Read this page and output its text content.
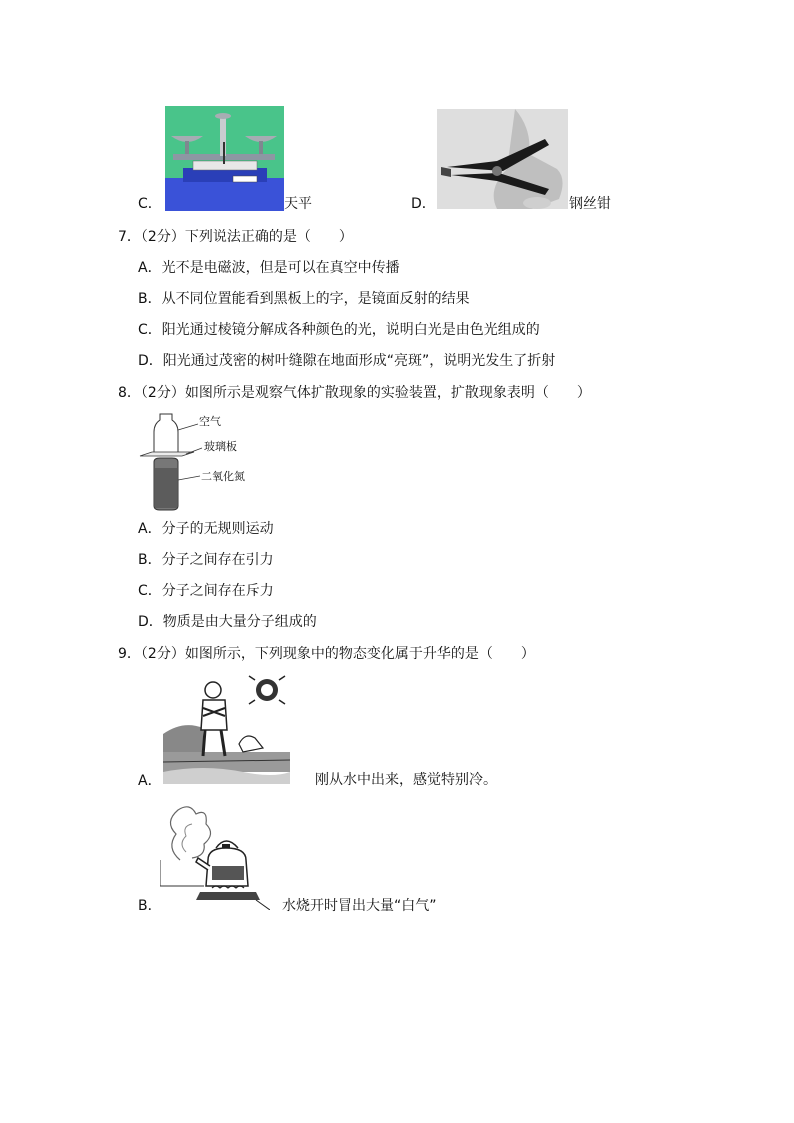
C．	天平	D．	钢丝钳
7．（2分）下列说法正确的是（　　）
A．光不是电磁波，但是可以在真空中传播
B．从不同位置能看到黑板上的字，是镜面反射的结果
C．阳光通过棱镜分解成各种颜色的光，说明白光是由色光组成的
D．阳光通过茂密的树叶缝隙在地面形成“亮斑”，说明光发生了折射
8．（2分）如图所示是观察气体扩散现象的实验装置，扩散现象表明（　　）
空气
玻璃板
二氧化氮
A．分子的无规则运动
B．分子之间存在引力
C．分子之间存在斥力
D．物质是由大量分子组成的
9．（2分）如图所示，下列现象中的物态变化属于升华的是（　　）
A．	刚从水中出来，感觉特别冷。
B．	水烧开时冒出大量“白气”
